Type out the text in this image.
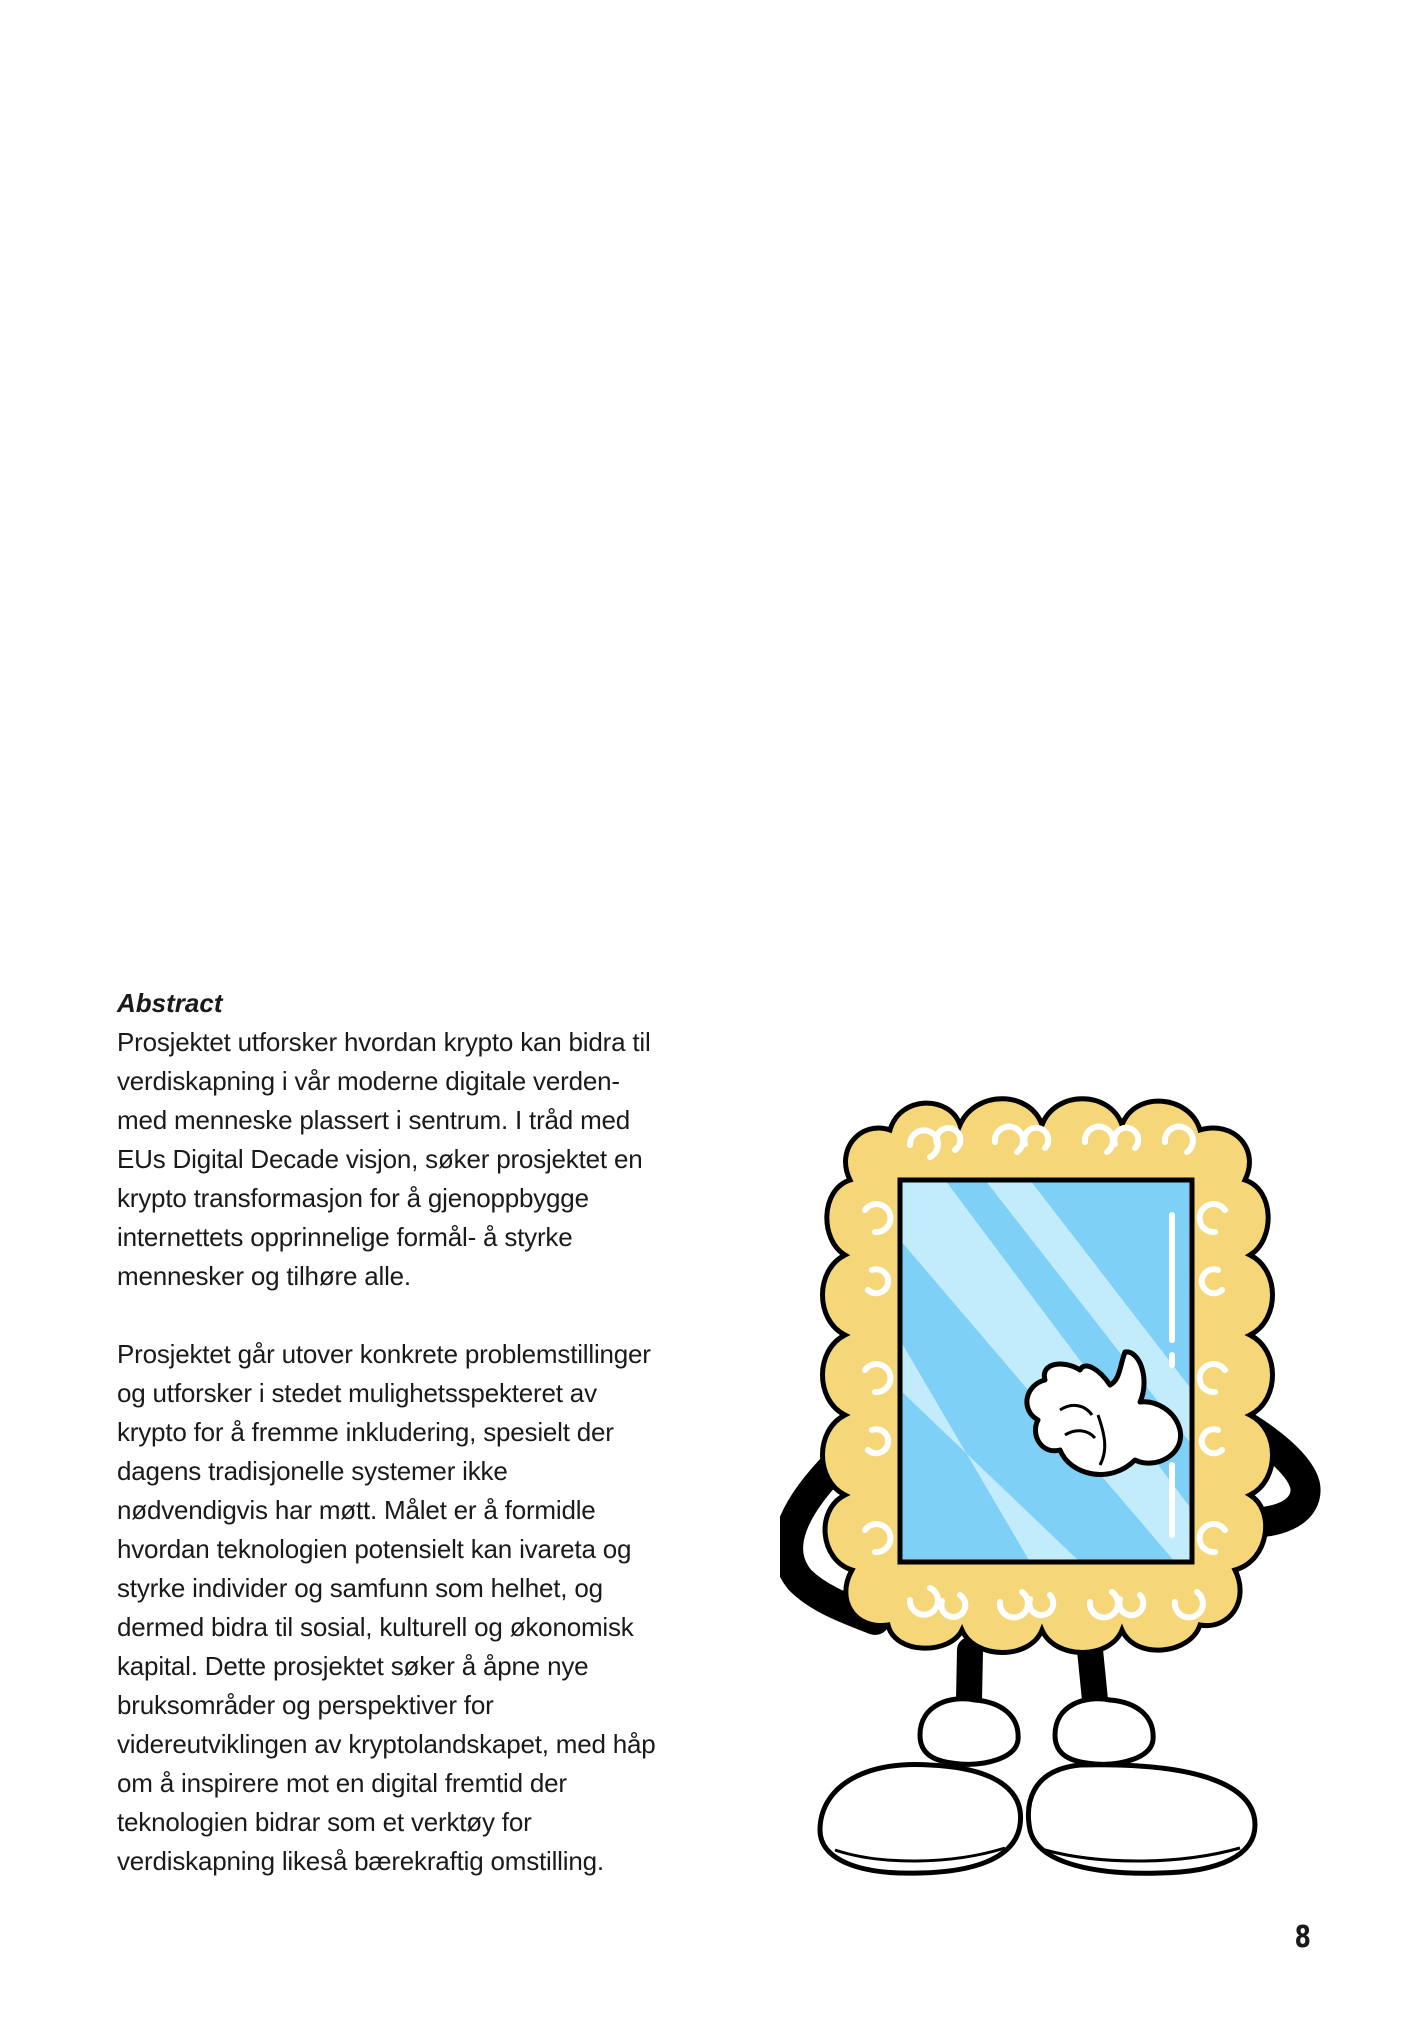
Abstract

Prosjektet utforsker hvordan krypto kan bidra til
verdiskapning i vår moderne digitale verden-
med menneske plassert i sentrum. I tråd med
EUs Digital Decade visjon, søker prosjektet en
krypto transformasjon for å gjenoppbygge
internettets opprinnelige formål- å styrke
mennesker og tilhøre alle.

Prosjektet går utover konkrete problemstillinger
og utforsker i stedet mulighetsspekteret av
krypto for å fremme inkludering, spesielt der
dagens tradisjonelle systemer ikke
nødvendigvis har møtt. Målet er å formidle
hvordan teknologien potensielt kan ivareta og
styrke individer og samfunn som helhet, og
dermed bidra til sosial, kulturell og økonomisk
kapital. Dette prosjektet søker å åpne nye
bruksområder og perspektiver for
videreutviklingen av kryptolandskapet, med håp
om å inspirere mot en digital fremtid der
teknologien bidrar som et verktøy for
verdiskapning likeså bærekraftig omstilling.

8
